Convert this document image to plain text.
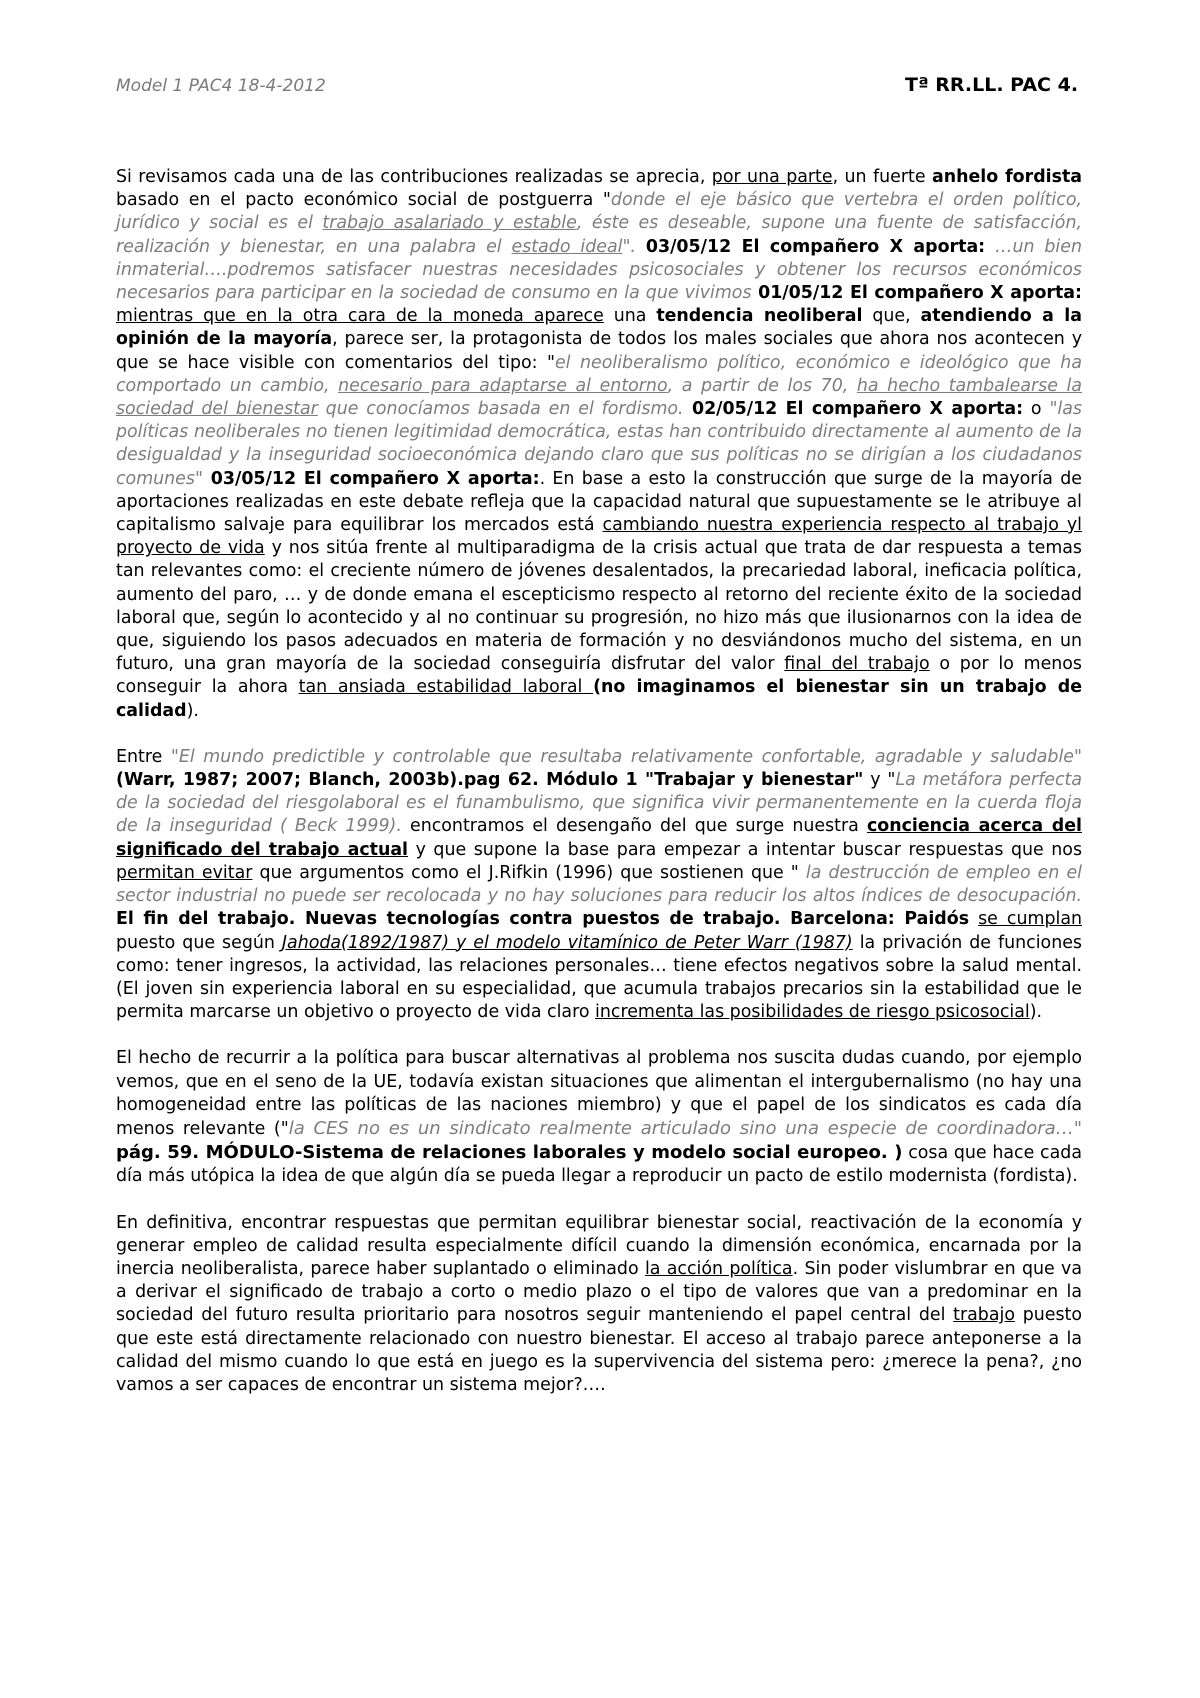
Model 1 PAC4 18-4-2012	Tª RR.LL. PAC 4.

Si revisamos cada una de las contribuciones realizadas se aprecia, por una parte, un fuerte anhelo fordista basado en el pacto económico social de postguerra "donde el eje básico que vertebra el orden político, jurídico y social es el trabajo asalariado y estable, éste es deseable, supone una fuente de satisfacción, realización y bienestar, en una palabra el estado ideal". 03/05/12 El compañero X aporta: …un bien inmaterial….podremos satisfacer nuestras necesidades psicosociales y obtener los recursos económicos necesarios para participar en la sociedad de consumo en la que vivimos 01/05/12 El compañero X aporta: mientras que en la otra cara de la moneda aparece una tendencia neoliberal que, atendiendo a la opinión de la mayoría, parece ser, la protagonista de todos los males sociales que ahora nos acontecen y que se hace visible con comentarios del tipo: "el neoliberalismo político, económico e ideológico que ha comportado un cambio, necesario para adaptarse al entorno, a partir de los 70, ha hecho tambalearse la sociedad del bienestar que conocíamos basada en el fordismo. 02/05/12 El compañero X aporta: o "las políticas neoliberales no tienen legitimidad democrática, estas han contribuido directamente al aumento de la desigualdad y la inseguridad socioeconómica dejando claro que sus políticas no se dirigían a los ciudadanos comunes" 03/05/12 El compañero X aporta:. En base a esto la construcción que surge de la mayoría de aportaciones realizadas en este debate refleja que la capacidad natural que supuestamente se le atribuye al capitalismo salvaje para equilibrar los mercados está cambiando nuestra experiencia respecto al trabajo yl proyecto de vida y nos sitúa frente al multiparadigma de la crisis actual que trata de dar respuesta a temas tan relevantes como: el creciente número de jóvenes desalentados, la precariedad laboral, ineficacia política, aumento del paro, … y de donde emana el escepticismo respecto al retorno del reciente éxito de la sociedad laboral que, según lo acontecido y al no continuar su progresión, no hizo más que ilusionarnos con la idea de que, siguiendo los pasos adecuados en materia de formación y no desviándonos mucho del sistema, en un futuro, una gran mayoría de la sociedad conseguiría disfrutar del valor final del trabajo o por lo menos conseguir la ahora tan ansiada estabilidad laboral (no imaginamos el bienestar sin un trabajo de calidad).

Entre "El mundo predictible y controlable que resultaba relativamente confortable, agradable y saludable" (Warr, 1987; 2007; Blanch, 2003b).pag 62. Módulo 1 "Trabajar y bienestar" y "La metáfora perfecta de la sociedad del riesgolaboral es el funambulismo, que significa vivir permanentemente en la cuerda floja de la inseguridad ( Beck 1999). encontramos el desengaño del que surge nuestra conciencia acerca del significado del trabajo actual y que supone la base para empezar a intentar buscar respuestas que nos permitan evitar que argumentos como el J.Rifkin (1996) que sostienen que " la destrucción de empleo en el sector industrial no puede ser recolocada y no hay soluciones para reducir los altos índices de desocupación. El fin del trabajo. Nuevas tecnologías contra puestos de trabajo. Barcelona: Paidós se cumplan puesto que según Jahoda(1892/1987) y el modelo vitamínico de Peter Warr (1987) la privación de funciones como: tener ingresos, la actividad, las relaciones personales… tiene efectos negativos sobre la salud mental.(El joven sin experiencia laboral en su especialidad, que acumula trabajos precarios sin la estabilidad que le permita marcarse un objetivo o proyecto de vida claro incrementa las posibilidades de riesgo psicosocial).

El hecho de recurrir a la política para buscar alternativas al problema nos suscita dudas cuando, por ejemplo vemos, que en el seno de la UE, todavía existan situaciones que alimentan el intergubernalismo (no hay una homogeneidad entre las políticas de las naciones miembro) y que el papel de los sindicatos es cada día menos relevante ("la CES no es un sindicato realmente articulado sino una especie de coordinadora…" pág. 59. MÓDULO-Sistema de relaciones laborales y modelo social europeo. ) cosa que hace cada día más utópica la idea de que algún día se pueda llegar a reproducir un pacto de estilo modernista (fordista).

En definitiva, encontrar respuestas que permitan equilibrar bienestar social, reactivación de la economía y generar empleo de calidad resulta especialmente difícil cuando la dimensión económica, encarnada por la inercia neoliberalista, parece haber suplantado o eliminado la acción política. Sin poder vislumbrar en que va a derivar el significado de trabajo a corto o medio plazo o el tipo de valores que van a predominar en la sociedad del futuro resulta prioritario para nosotros seguir manteniendo el papel central del trabajo puesto que este está directamente relacionado con nuestro bienestar. El acceso al trabajo parece anteponerse a la calidad del mismo cuando lo que está en juego es la supervivencia del sistema pero: ¿merece la pena?, ¿no vamos a ser capaces de encontrar un sistema mejor?….
